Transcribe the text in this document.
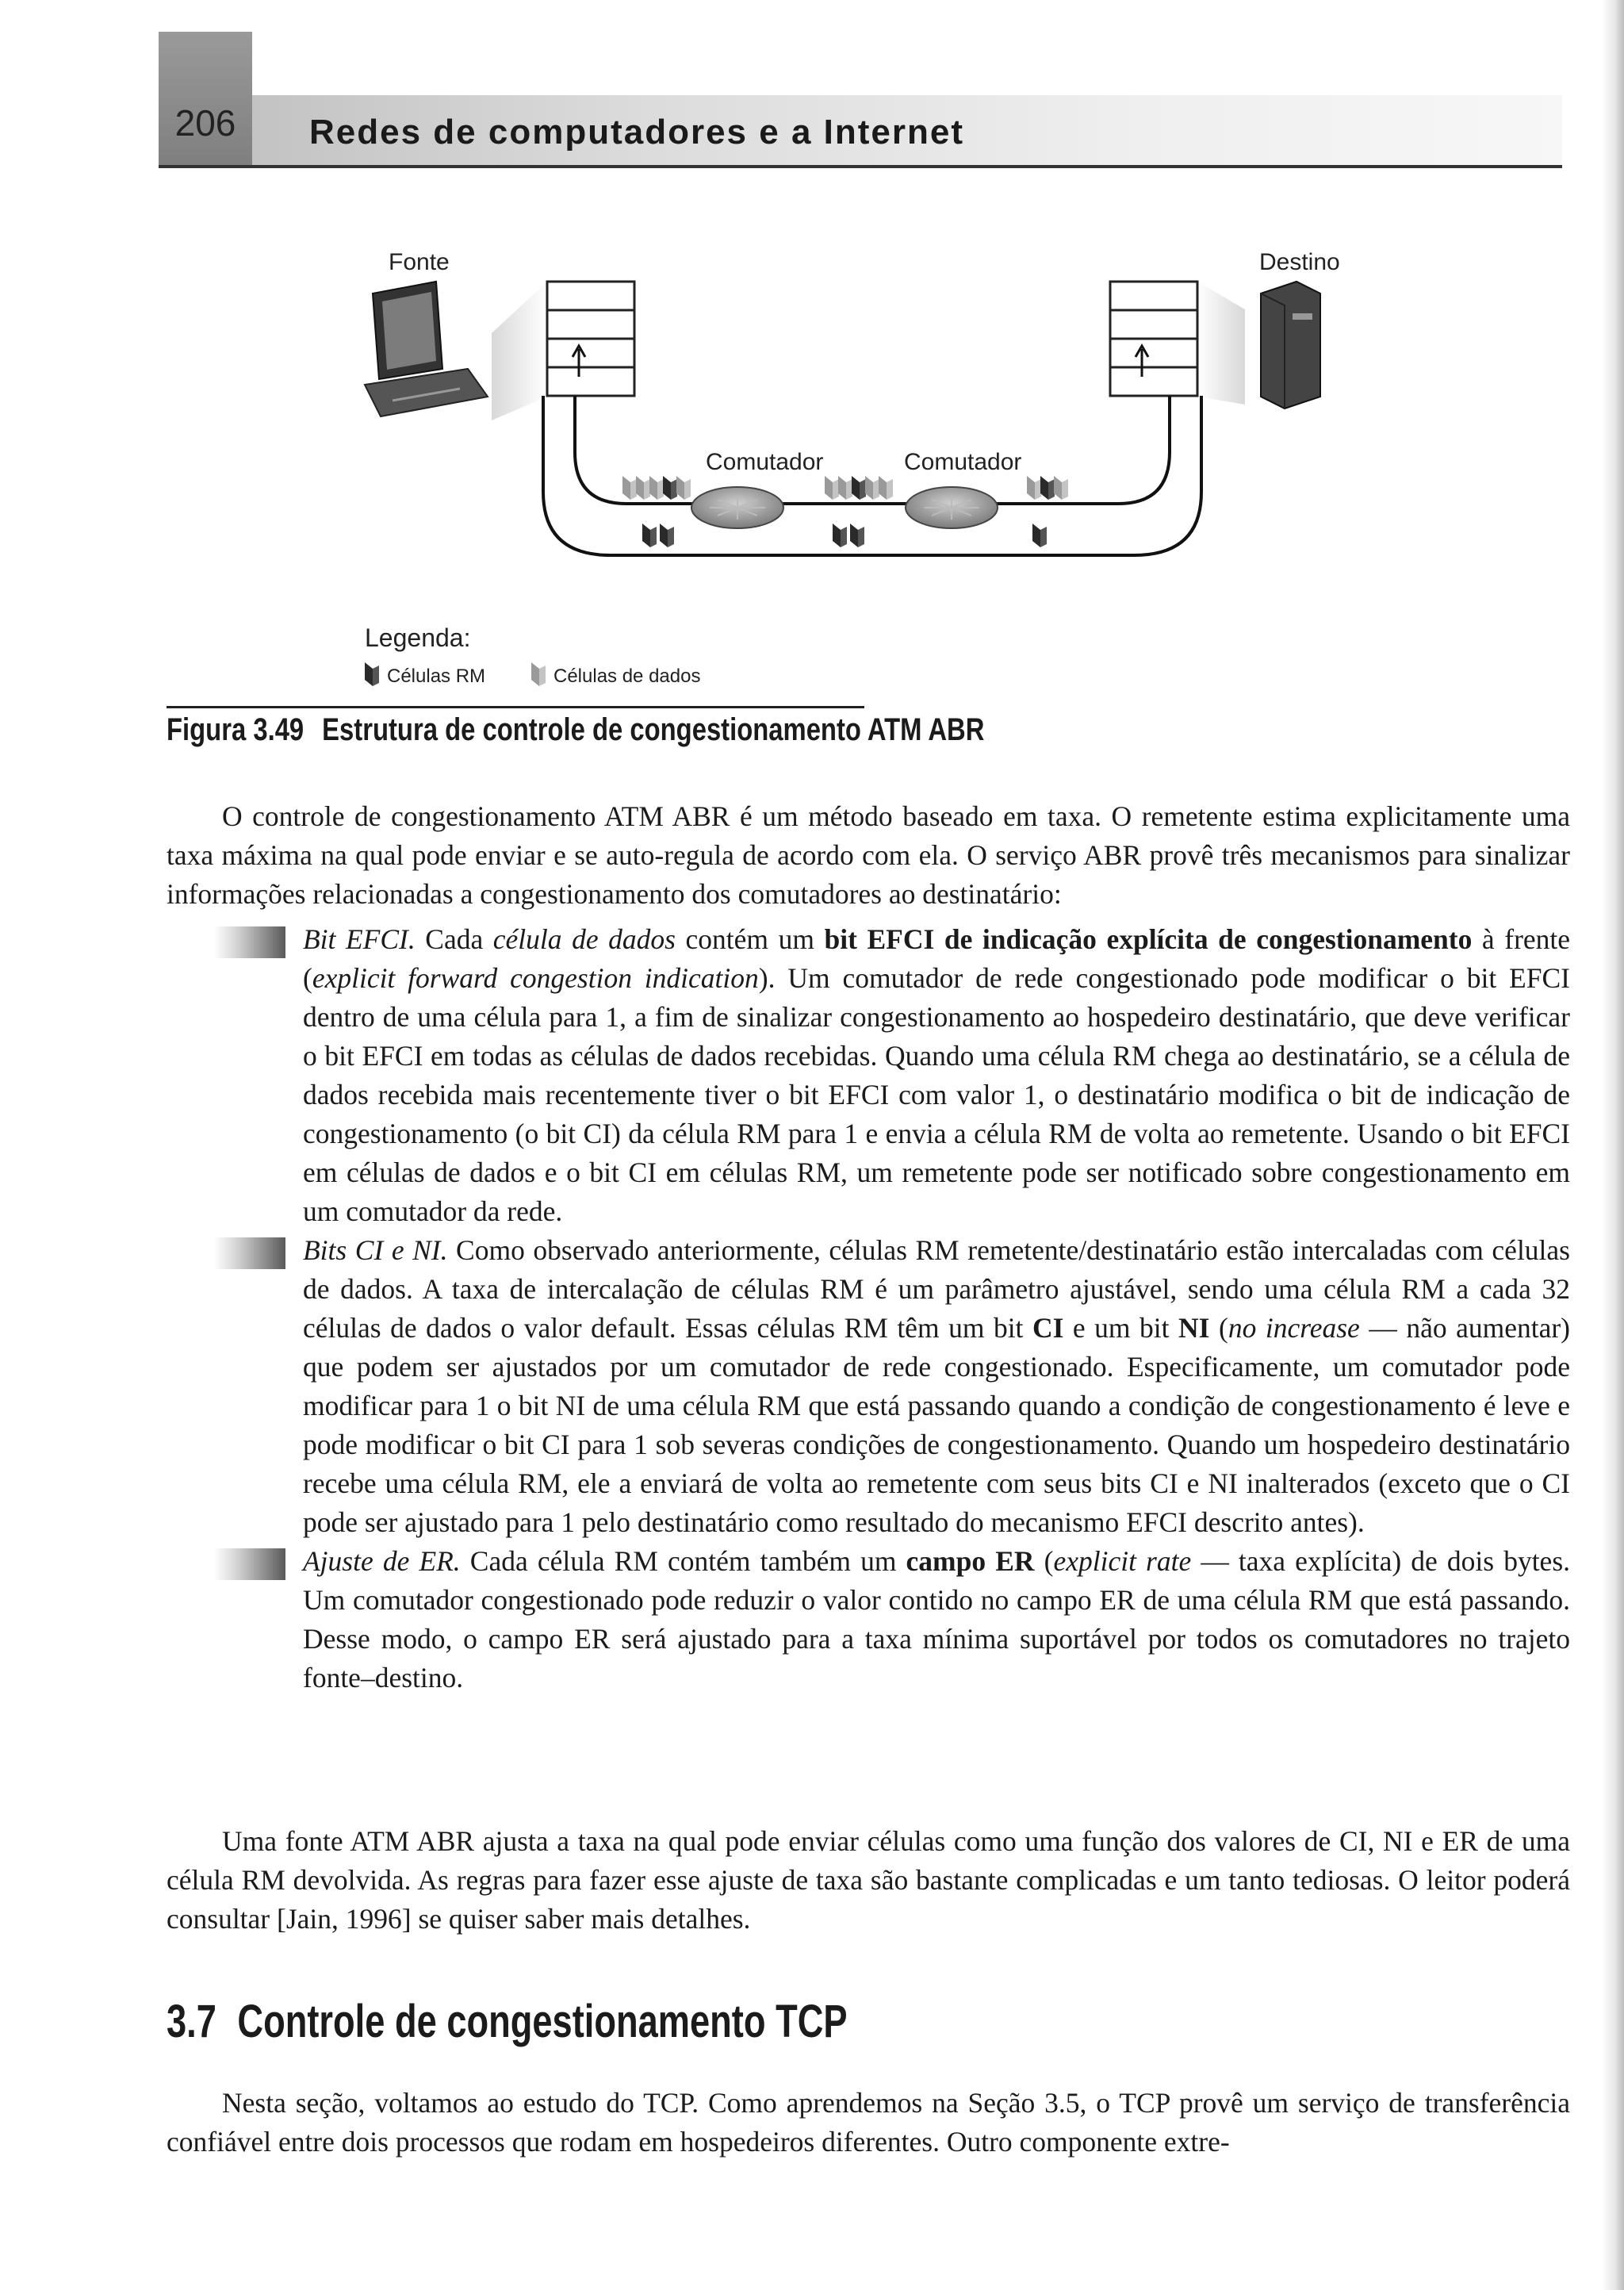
206	Redes de computadores e a Internet
Fonte	Destino
Comutador	Comutador
Legenda:
Células RM	Células de dados
Figura 3.49 Estrutura de controle de congestionamento ATM ABR

O controle de congestionamento ATM ABR é um método baseado em taxa. O remetente estima explicitamente uma taxa máxima na qual pode enviar e se auto-regula de acordo com ela. O serviço ABR provê três mecanismos para sinalizar informações relacionadas a congestionamento dos comutadores ao destinatário:

Bit EFCI. Cada célula de dados contém um bit EFCI de indicação explícita de congestionamento à frente (explicit forward congestion indication). Um comutador de rede congestionado pode modificar o bit EFCI dentro de uma célula para 1, a fim de sinalizar congestionamento ao hospedeiro destinatário, que deve verificar o bit EFCI em todas as células de dados recebidas. Quando uma célula RM chega ao destinatário, se a célula de dados recebida mais recentemente tiver o bit EFCI com valor 1, o destinatário modifica o bit de indicação de congestionamento (o bit CI) da célula RM para 1 e envia a célula RM de volta ao remetente. Usando o bit EFCI em células de dados e o bit CI em células RM, um remetente pode ser notificado sobre congestionamento em um comutador da rede.

Bits CI e NI. Como observado anteriormente, células RM remetente/destinatário estão intercaladas com células de dados. A taxa de intercalação de células RM é um parâmetro ajustável, sendo uma célula RM a cada 32 células de dados o valor default. Essas células RM têm um bit CI e um bit NI (no increase — não aumentar) que podem ser ajustados por um comutador de rede congestionado. Especificamente, um comutador pode modificar para 1 o bit NI de uma célula RM que está passando quando a condição de congestionamento é leve e pode modificar o bit CI para 1 sob severas condições de congestionamento. Quando um hospedeiro destinatário recebe uma célula RM, ele a enviará de volta ao remetente com seus bits CI e NI inalterados (exceto que o CI pode ser ajustado para 1 pelo destinatário como resultado do mecanismo EFCI descrito antes).

Ajuste de ER. Cada célula RM contém também um campo ER (explicit rate — taxa explícita) de dois bytes. Um comutador congestionado pode reduzir o valor contido no campo ER de uma célula RM que está passando. Desse modo, o campo ER será ajustado para a taxa mínima suportável por todos os comutadores no trajeto fonte–destino.

Uma fonte ATM ABR ajusta a taxa na qual pode enviar células como uma função dos valores de CI, NI e ER de uma célula RM devolvida. As regras para fazer esse ajuste de taxa são bastante complicadas e um tanto tediosas. O leitor poderá consultar [Jain, 1996] se quiser saber mais detalhes.

3.7 Controle de congestionamento TCP

Nesta seção, voltamos ao estudo do TCP. Como aprendemos na Seção 3.5, o TCP provê um serviço de transferência confiável entre dois processos que rodam em hospedeiros diferentes. Outro componente extre-
